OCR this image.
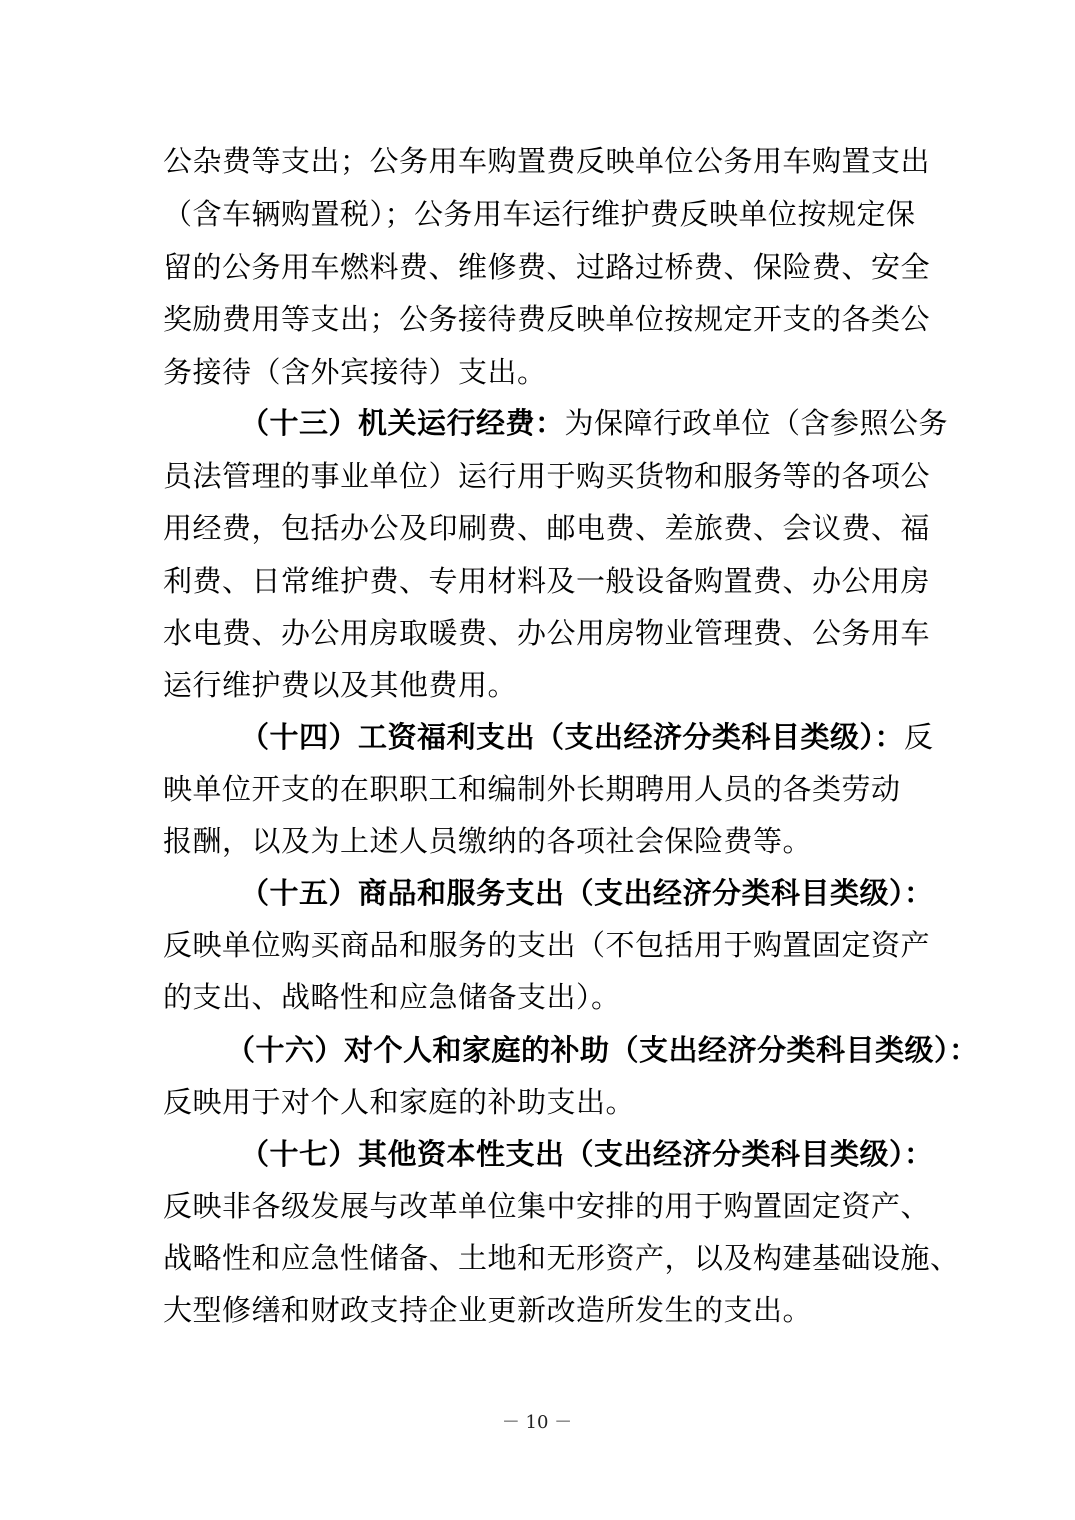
公杂费等支出；公务用车购置费反映单位公务用车购置支出
（含车辆购置税）；公务用车运行维护费反映单位按规定保
留的公务用车燃料费、维修费、过路过桥费、保险费、安全
奖励费用等支出；公务接待费反映单位按规定开支的各类公
务接待（含外宾接待）支出。
（十三）机关运行经费：为保障行政单位（含参照公务
员法管理的事业单位）运行用于购买货物和服务等的各项公
用经费，包括办公及印刷费、邮电费、差旅费、会议费、福
利费、日常维护费、专用材料及一般设备购置费、办公用房
水电费、办公用房取暖费、办公用房物业管理费、公务用车
运行维护费以及其他费用。
（十四）工资福利支出（支出经济分类科目类级）：反
映单位开支的在职职工和编制外长期聘用人员的各类劳动
报酬，以及为上述人员缴纳的各项社会保险费等。
（十五）商品和服务支出（支出经济分类科目类级）：
反映单位购买商品和服务的支出（不包括用于购置固定资产
的支出、战略性和应急储备支出）。
（十六）对个人和家庭的补助（支出经济分类科目类级）：
反映用于对个人和家庭的补助支出。
（十七）其他资本性支出（支出经济分类科目类级）：
反映非各级发展与改革单位集中安排的用于购置固定资产、
战略性和应急性储备、土地和无形资产，以及构建基础设施、
大型修缮和财政支持企业更新改造所发生的支出。
－ 10 －
